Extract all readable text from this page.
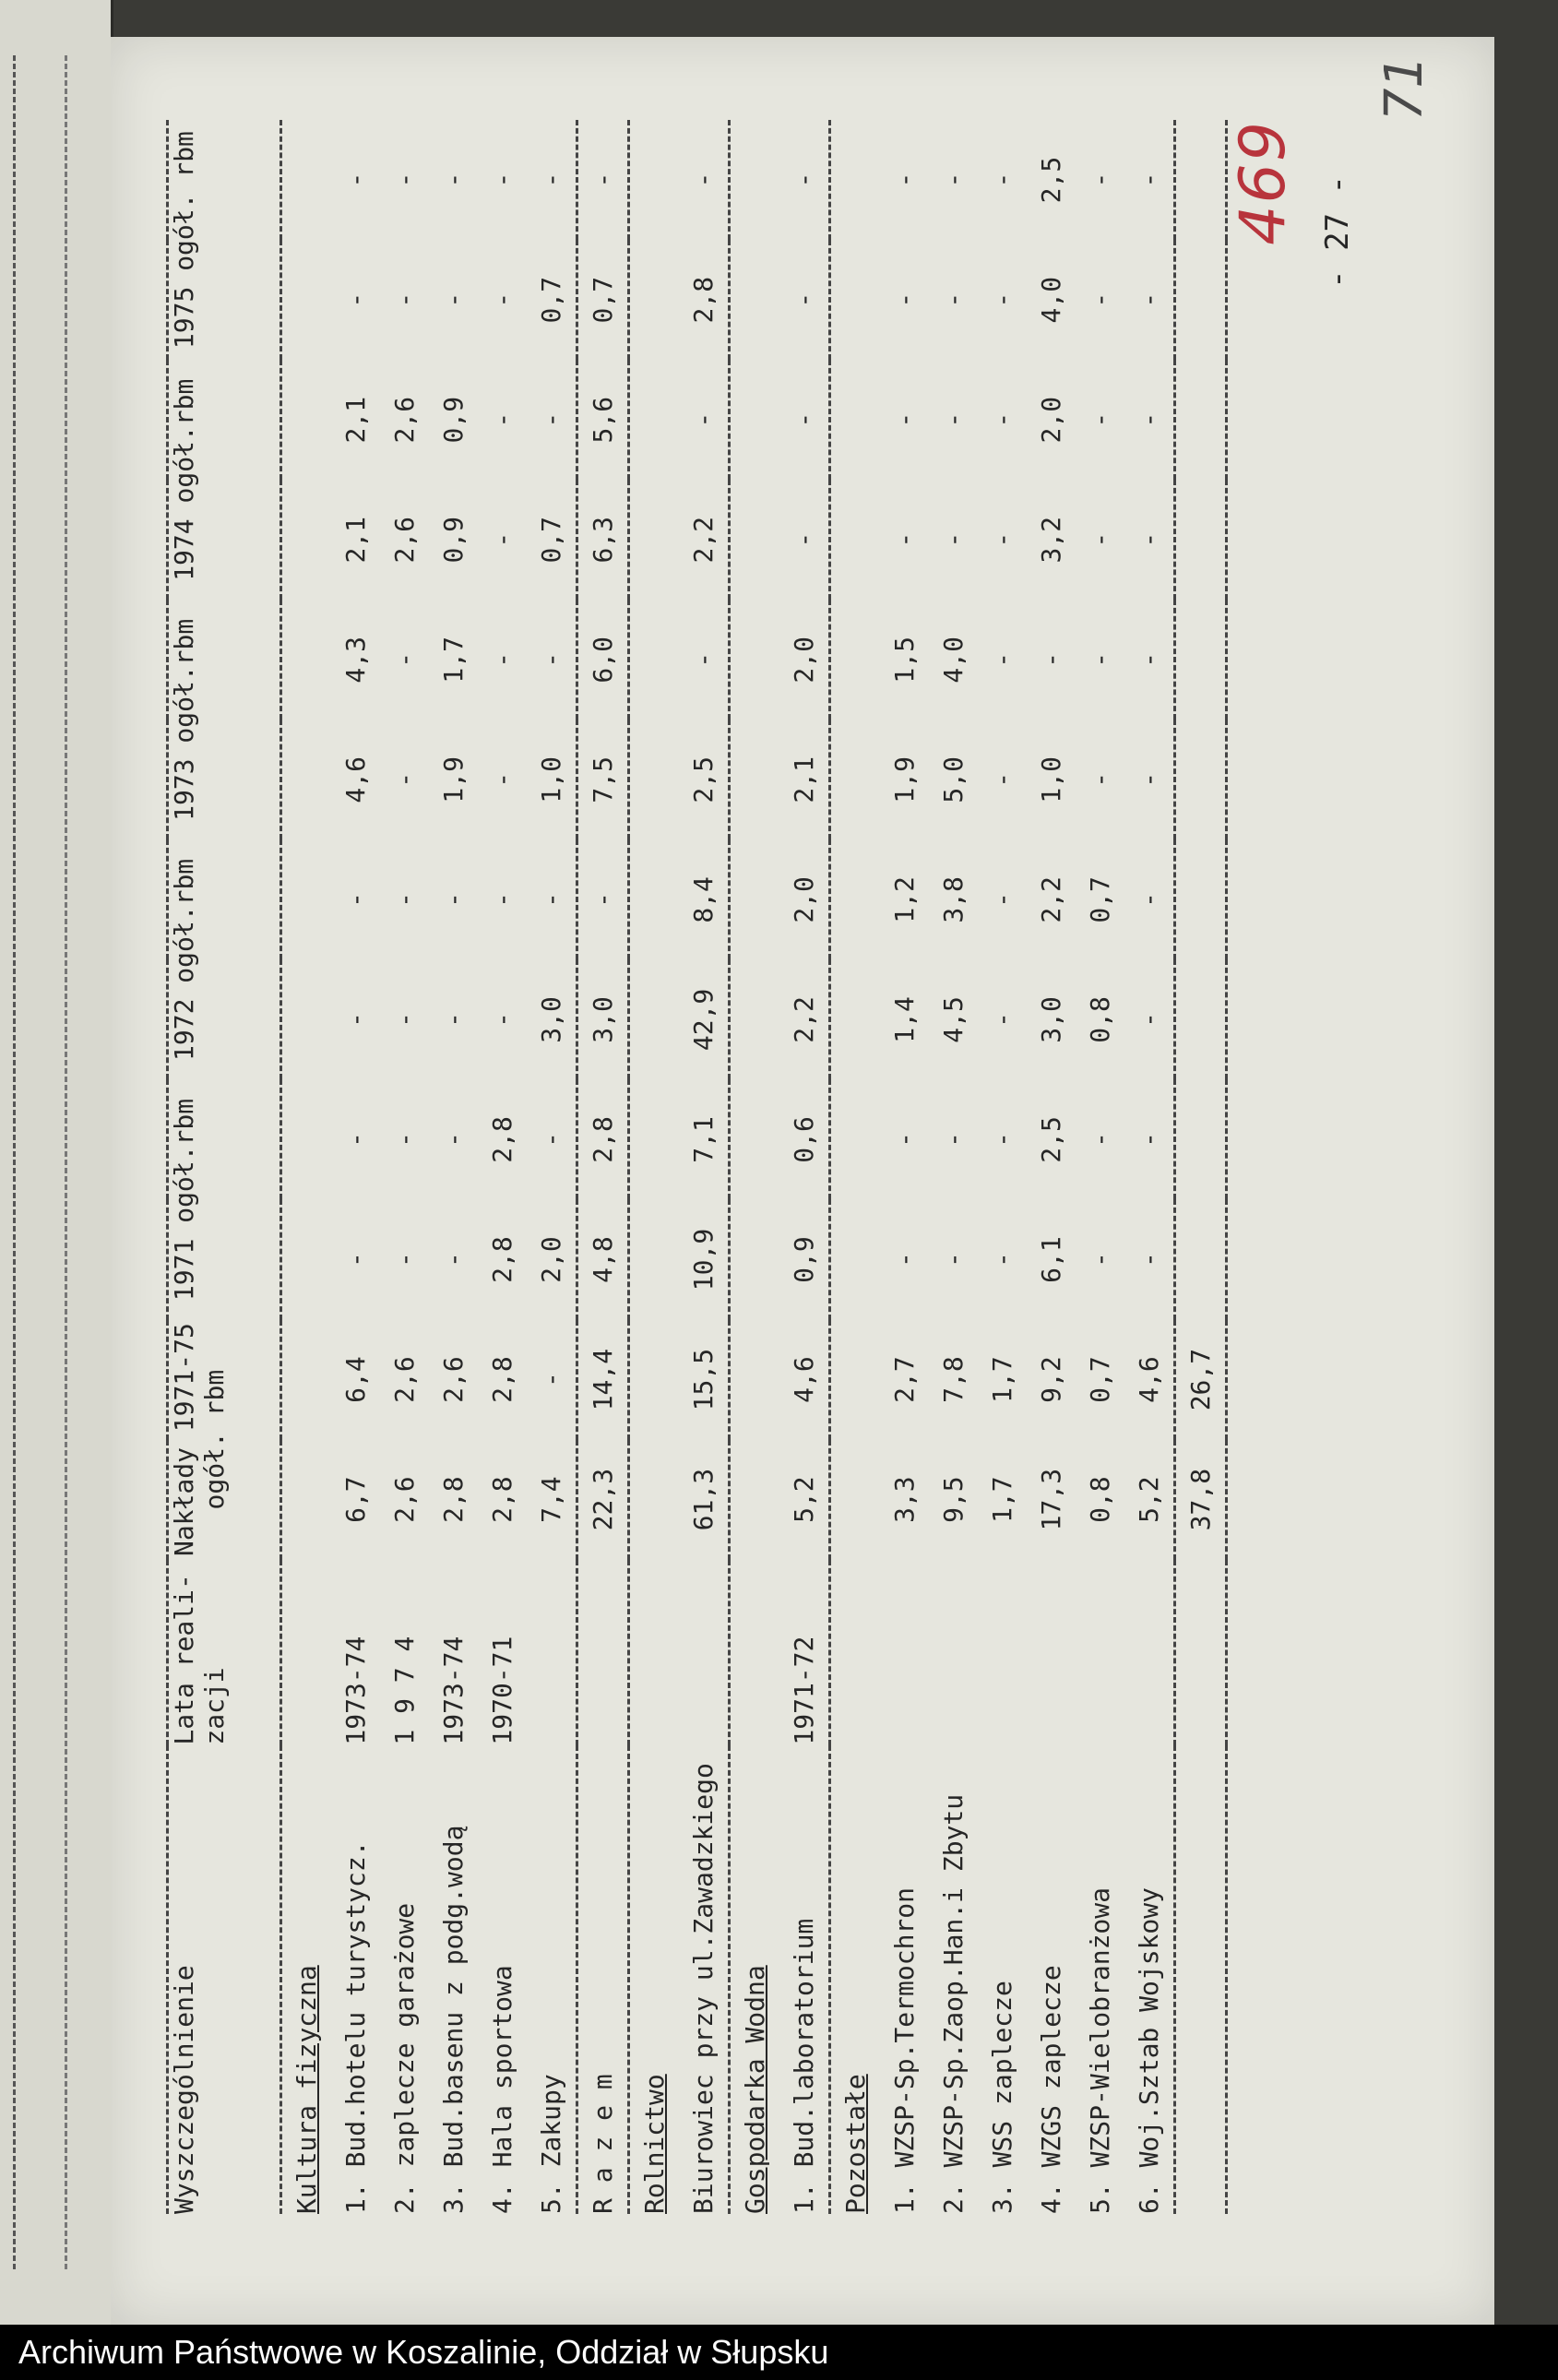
- 27 -
469
71
Wyszczególnienie	Lata reali- zacji	Nakłady 1971-75 ogół. rbm		1971 ogół.rbm		1972 ogół.rbm		1973 ogół.rbm		1974 ogół.rbm		1975 ogół. rbm	
Kultura fizyczna													
1. Bud.hotelu turystycz.	1973-74	6,7	6,4	-	-	-	-	4,6	4,3	2,1	2,1	-	-
2. zaplecze garażowe	1 9 7 4	2,6	2,6	-	-	-	-	-	-	2,6	2,6	-	-
3. Bud.basenu z podg.wodą	1973-74	2,8	2,6	-	-	-	-	1,9	1,7	0,9	0,9	-	-
4. Hala sportowa	1970-71	2,8	2,8	2,8	2,8	-	-	-	-	-	-	-	-
5. Zakupy		7,4	-	2,0	-	3,0	-	1,0	-	0,7	-	0,7	-
R a z e m		22,3	14,4	4,8	2,8	3,0	-	7,5	6,0	6,3	5,6	0,7	-
Rolnictwo													
Biurowiec przy ul.Zawadzkiego		61,3	15,5	10,9	7,1	42,9	8,4	2,5	-	2,2	-	2,8	-
Gospodarka Wodna													
1. Bud.laboratorium	1971-72	5,2	4,6	0,9	0,6	2,2	2,0	2,1	2,0	-	-	-	-
Pozostałe													
1. WZSP-Sp.Termochron		3,3	2,7	-	-	1,4	1,2	1,9	1,5	-	-	-	-
2. WZSP-Sp.Zaop.Han.i Zbytu		9,5	7,8	-	-	4,5	3,8	5,0	4,0	-	-	-	-
3. WSS zaplecze		1,7	1,7	-	-	-	-	-	-	-	-	-	-
4. WZGS zaplecze		17,3	9,2	6,1	2,5	3,0	2,2	1,0	-	3,2	2,0	4,0	2,5
5. WZSP-Wielobranżowa		0,8	0,7	-	-	0,8	0,7	-	-	-	-	-	-
6. Woj.Sztab Wojskowy		5,2	4,6	-	-	-	-	-	-	-	-	-	-
		37,8	26,7										
Archiwum Państwowe w Koszalinie, Oddział w Słupsku
